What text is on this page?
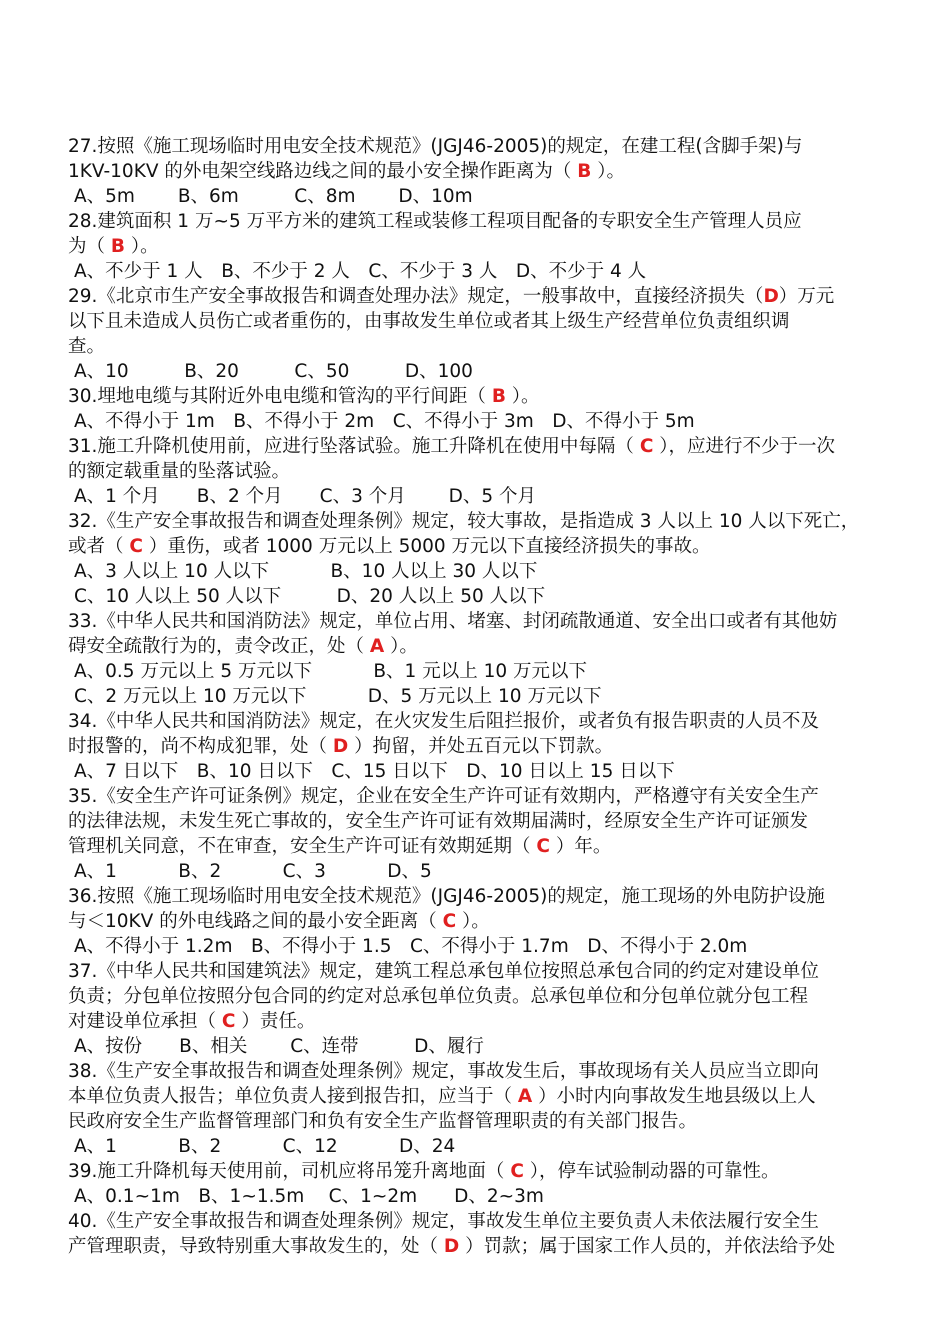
27.按照《施工现场临时用电安全技术规范》(JGJ46-2005)的规定，在建工程(含脚手架)与
1KV-10KV 的外电架空线路边线之间的最小安全操作距离为（ B ）。
A、5m　　 B、6m　　　C、8m　　 D、10m
28.建筑面积 1 万~5 万平方米的建筑工程或装修工程项目配备的专职安全生产管理人员应
为（ B ）。
A、不少于 1 人　B、不少于 2 人　C、不少于 3 人　D、不少于 4 人
29.《北京市生产安全事故报告和调查处理办法》规定，一般事故中，直接经济损失（D）万元
以下且未造成人员伤亡或者重伤的，由事故发生单位或者其上级生产经营单位负责组织调
查。
A、10　　　B、20　　　C、50　　　D、100
30.埋地电缆与其附近外电电缆和管沟的平行间距（ B ）。
A、不得小于 1m　B、不得小于 2m　C、不得小于 3m　D、不得小于 5m
31.施工升降机使用前，应进行坠落试验。施工升降机在使用中每隔（ C ），应进行不少于一次
的额定载重量的坠落试验。
A、1 个月　　B、2 个月　　C、3 个月　　 D、5 个月
32.《生产安全事故报告和调查处理条例》规定，较大事故，是指造成 3 人以上 10 人以下死亡，
或者（ C ）重伤，或者 1000 万元以上 5000 万元以下直接经济损失的事故。
A、3 人以上 10 人以下　　　 B、10 人以上 30 人以下
C、10 人以上 50 人以下　　　D、20 人以上 50 人以下
33.《中华人民共和国消防法》规定，单位占用、堵塞、封闭疏散通道、安全出口或者有其他妨
碍安全疏散行为的，责令改正，处（ A ）。
A、0.5 万元以上 5 万元以下　　　 B、1 元以上 10 万元以下
C、2 万元以上 10 万元以下　　　 D、5 万元以上 10 万元以下
34.《中华人民共和国消防法》规定，在火灾发生后阻拦报价，或者负有报告职责的人员不及
时报警的，尚不构成犯罪，处（ D ）拘留，并处五百元以下罚款。
A、7 日以下　B、10 日以下　C、15 日以下　D、10 日以上 15 日以下
35.《安全生产许可证条例》规定，企业在安全生产许可证有效期内，严格遵守有关安全生产
的法律法规，未发生死亡事故的，安全生产许可证有效期届满时，经原安全生产许可证颁发
管理机关同意，不在审查，安全生产许可证有效期延期（ C ）年。
A、1　　　 B、2　　　 C、3　　　 D、5
36.按照《施工现场临时用电安全技术规范》(JGJ46-2005)的规定，施工现场的外电防护设施
与＜10KV 的外电线路之间的最小安全距离（ C ）。
A、不得小于 1.2m　B、不得小于 1.5　C、不得小于 1.7m　D、不得小于 2.0m
37.《中华人民共和国建筑法》规定，建筑工程总承包单位按照总承包合同的约定对建设单位
负责；分包单位按照分包合同的约定对总承包单位负责。总承包单位和分包单位就分包工程
对建设单位承担（ C ）责任。
A、按份　　B、相关　　 C、连带　　　D、履行
38.《生产安全事故报告和调查处理条例》规定，事故发生后，事故现场有关人员应当立即向
本单位负责人报告；单位负责人接到报告扣，应当于（ A ）小时内向事故发生地县级以上人
民政府安全生产监督管理部门和负有安全生产监督管理职责的有关部门报告。
A、1　　　 B、2　　　 C、12　　　 D、24
39.施工升降机每天使用前，司机应将吊笼升离地面（ C ），停车试验制动器的可靠性。
A、0.1~1m　B、1~1.5m　 C、1~2m　　D、2~3m
40.《生产安全事故报告和调查处理条例》规定，事故发生单位主要负责人未依法履行安全生
产管理职责，导致特别重大事故发生的，处（ D ）罚款；属于国家工作人员的，并依法给予处
